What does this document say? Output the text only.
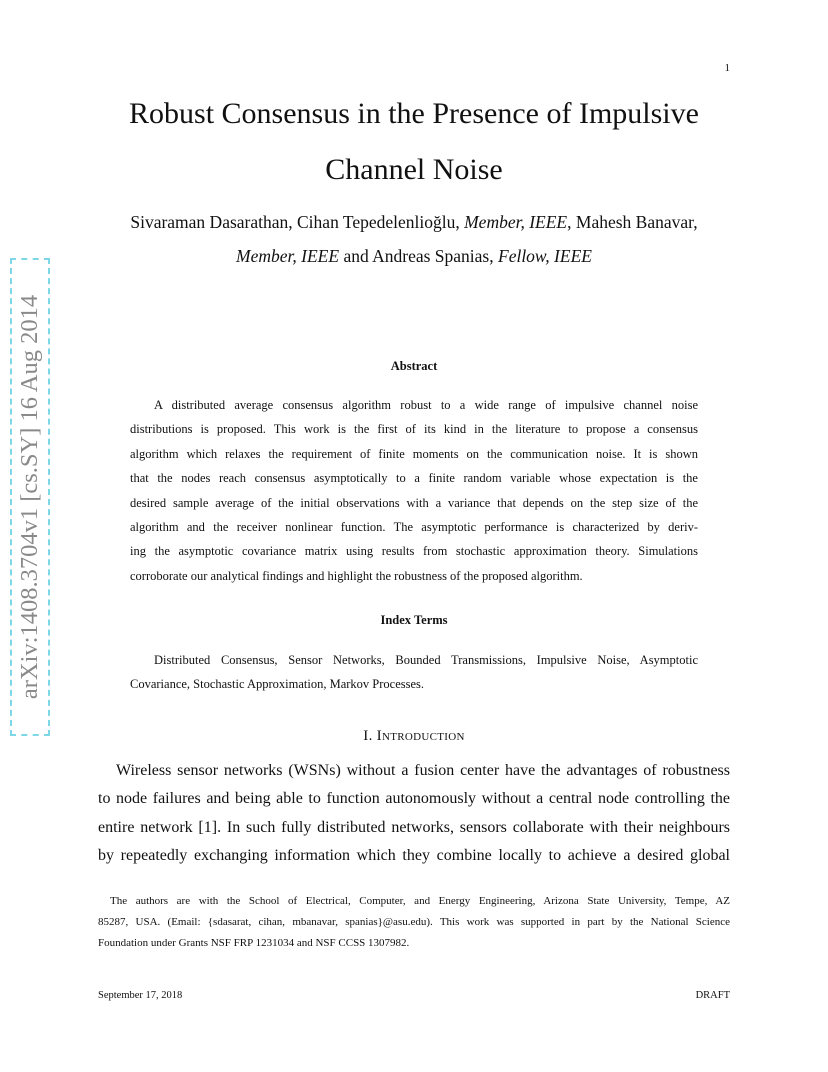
1
arXiv:1408.3704v1 [cs.SY] 16 Aug 2014
Robust Consensus in the Presence of Impulsive
Channel Noise
Sivaraman Dasarathan, Cihan Tepedelenlioğlu, Member, IEEE, Mahesh Banavar,
Member, IEEE and Andreas Spanias, Fellow, IEEE
Abstract
A distributed average consensus algorithm robust to a wide range of impulsive channel noise
distributions is proposed. This work is the first of its kind in the literature to propose a consensus
algorithm which relaxes the requirement of finite moments on the communication noise. It is shown
that the nodes reach consensus asymptotically to a finite random variable whose expectation is the
desired sample average of the initial observations with a variance that depends on the step size of the
algorithm and the receiver nonlinear function. The asymptotic performance is characterized by deriv-
ing the asymptotic covariance matrix using results from stochastic approximation theory. Simulations
corroborate our analytical findings and highlight the robustness of the proposed algorithm.
Index Terms
Distributed Consensus, Sensor Networks, Bounded Transmissions, Impulsive Noise, Asymptotic
Covariance, Stochastic Approximation, Markov Processes.
I. Introduction
Wireless sensor networks (WSNs) without a fusion center have the advantages of robustness
to node failures and being able to function autonomously without a central node controlling the
entire network [1]. In such fully distributed networks, sensors collaborate with their neighbours
by repeatedly exchanging information which they combine locally to achieve a desired global
The authors are with the School of Electrical, Computer, and Energy Engineering, Arizona State University, Tempe, AZ
85287, USA. (Email: {sdasarat, cihan, mbanavar, spanias}@asu.edu). This work was supported in part by the National Science
Foundation under Grants NSF FRP 1231034 and NSF CCSS 1307982.
September 17, 2018	DRAFT
